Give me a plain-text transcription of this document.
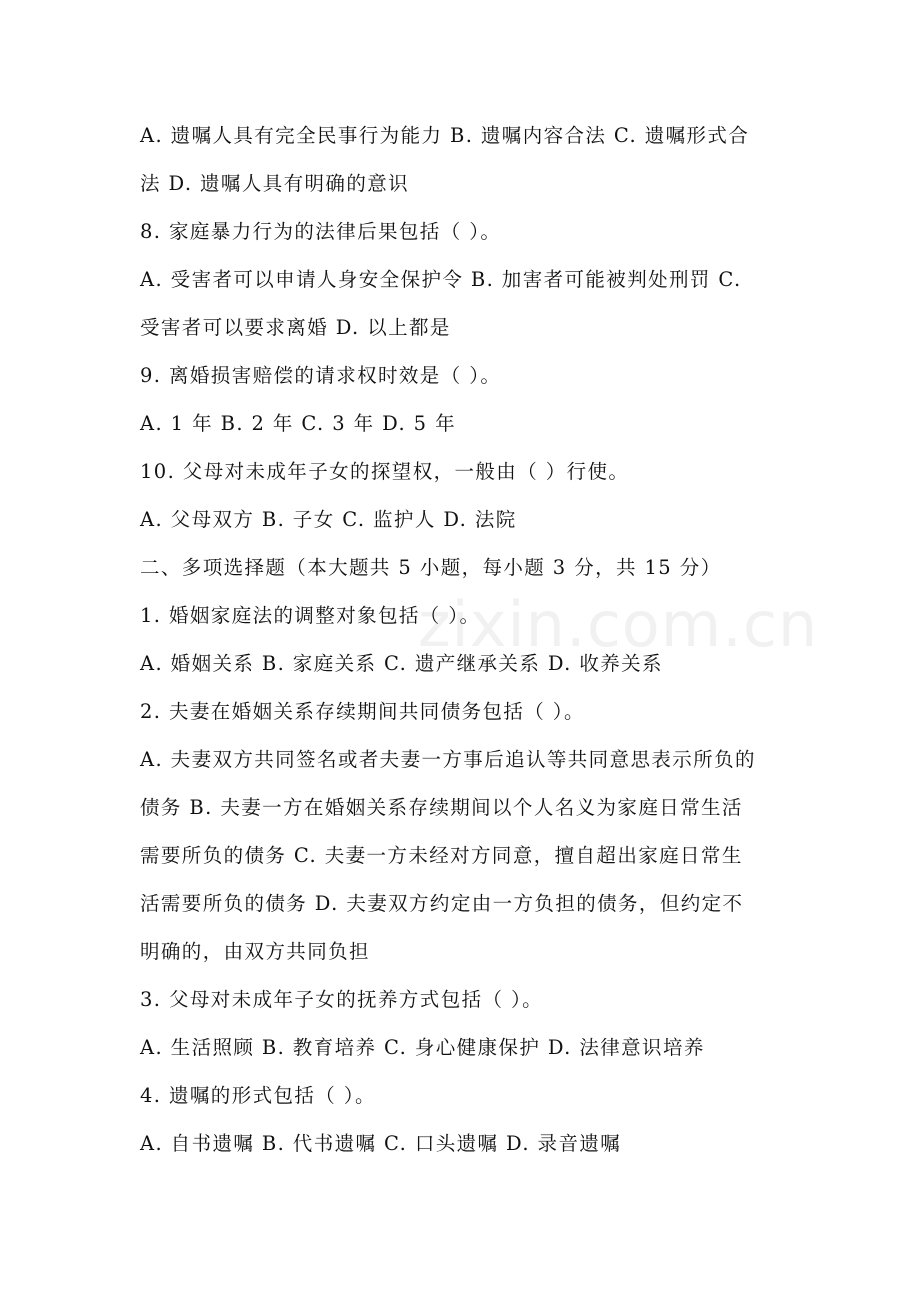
A. 遗嘱人具有完全民事行为能力 B. 遗嘱内容合法 C. 遗嘱形式合
法 D. 遗嘱人具有明确的意识
8. 家庭暴力行为的法律后果包括（ ）。
A. 受害者可以申请人身安全保护令 B. 加害者可能被判处刑罚 C.
受害者可以要求离婚 D. 以上都是
9. 离婚损害赔偿的请求权时效是（ ）。
A. 1 年 B. 2 年 C. 3 年 D. 5 年
10. 父母对未成年子女的探望权，一般由（ ）行使。
A. 父母双方 B. 子女 C. 监护人 D. 法院
二、多项选择题（本大题共 5 小题，每小题 3 分，共 15 分）
1. 婚姻家庭法的调整对象包括（ ）。
A. 婚姻关系 B. 家庭关系 C. 遗产继承关系 D. 收养关系
2. 夫妻在婚姻关系存续期间共同债务包括（ ）。
A. 夫妻双方共同签名或者夫妻一方事后追认等共同意思表示所负的
债务 B. 夫妻一方在婚姻关系存续期间以个人名义为家庭日常生活
需要所负的债务 C. 夫妻一方未经对方同意，擅自超出家庭日常生
活需要所负的债务 D. 夫妻双方约定由一方负担的债务，但约定不
明确的，由双方共同负担
3. 父母对未成年子女的抚养方式包括（ ）。
A. 生活照顾 B. 教育培养 C. 身心健康保护 D. 法律意识培养
4. 遗嘱的形式包括（ ）。
A. 自书遗嘱 B. 代书遗嘱 C. 口头遗嘱 D. 录音遗嘱
zixin.com.cn
